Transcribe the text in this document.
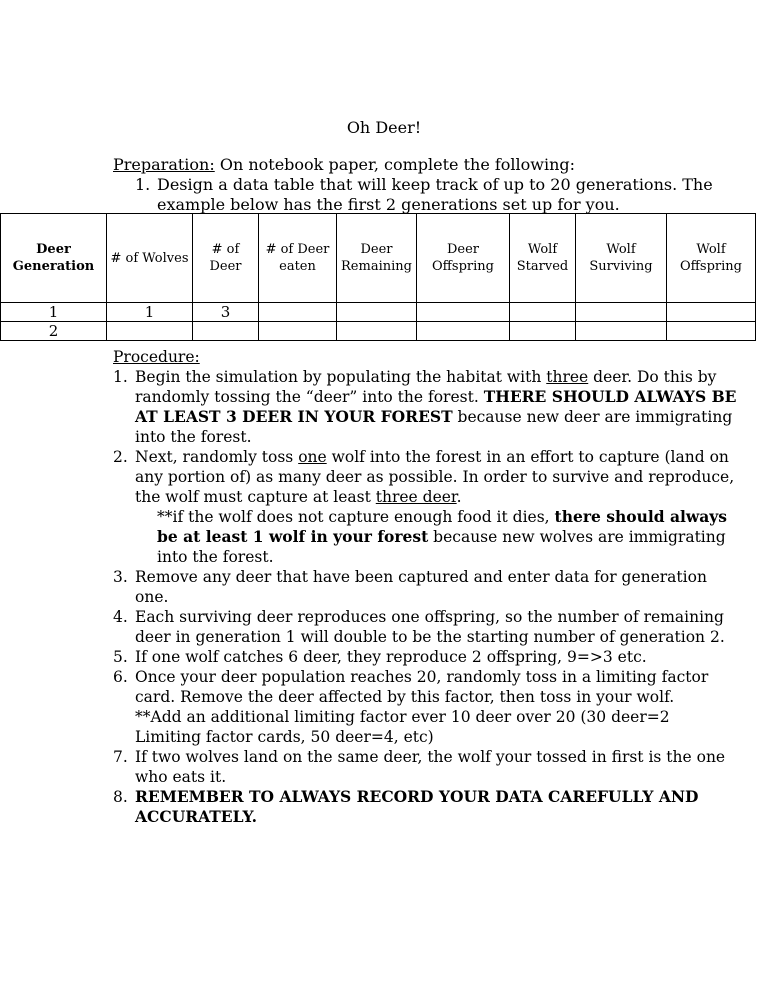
Oh Deer!
Preparation: On notebook paper, complete the following:
1. Design a data table that will keep track of up to 20 generations. The example below has the first 2 generations set up for you.
Deer Generation	# of Wolves	# of Deer	# of Deer eaten	Deer Remaining	Deer Offspring	Wolf Starved	Wolf Surviving	Wolf Offspring
1	1	3						
2								
Procedure:
1. Begin the simulation by populating the habitat with three deer. Do this by randomly tossing the “deer” into the forest. THERE SHOULD ALWAYS BE AT LEAST 3 DEER IN YOUR FOREST because new deer are immigrating into the forest.
2. Next, randomly toss one wolf into the forest in an effort to capture (land on any portion of) as many deer as possible. In order to survive and reproduce, the wolf must capture at least three deer.
**if the wolf does not capture enough food it dies, there should always be at least 1 wolf in your forest because new wolves are immigrating into the forest.
3. Remove any deer that have been captured and enter data for generation one.
4. Each surviving deer reproduces one offspring, so the number of remaining deer in generation 1 will double to be the starting number of generation 2.
5. If one wolf catches 6 deer, they reproduce 2 offspring, 9=>3 etc.
6. Once your deer population reaches 20, randomly toss in a limiting factor card. Remove the deer affected by this factor, then toss in your wolf.
**Add an additional limiting factor ever 10 deer over 20 (30 deer=2 Limiting factor cards, 50 deer=4, etc)
7. If two wolves land on the same deer, the wolf your tossed in first is the one who eats it.
8. REMEMBER TO ALWAYS RECORD YOUR DATA CAREFULLY AND ACCURATELY.
